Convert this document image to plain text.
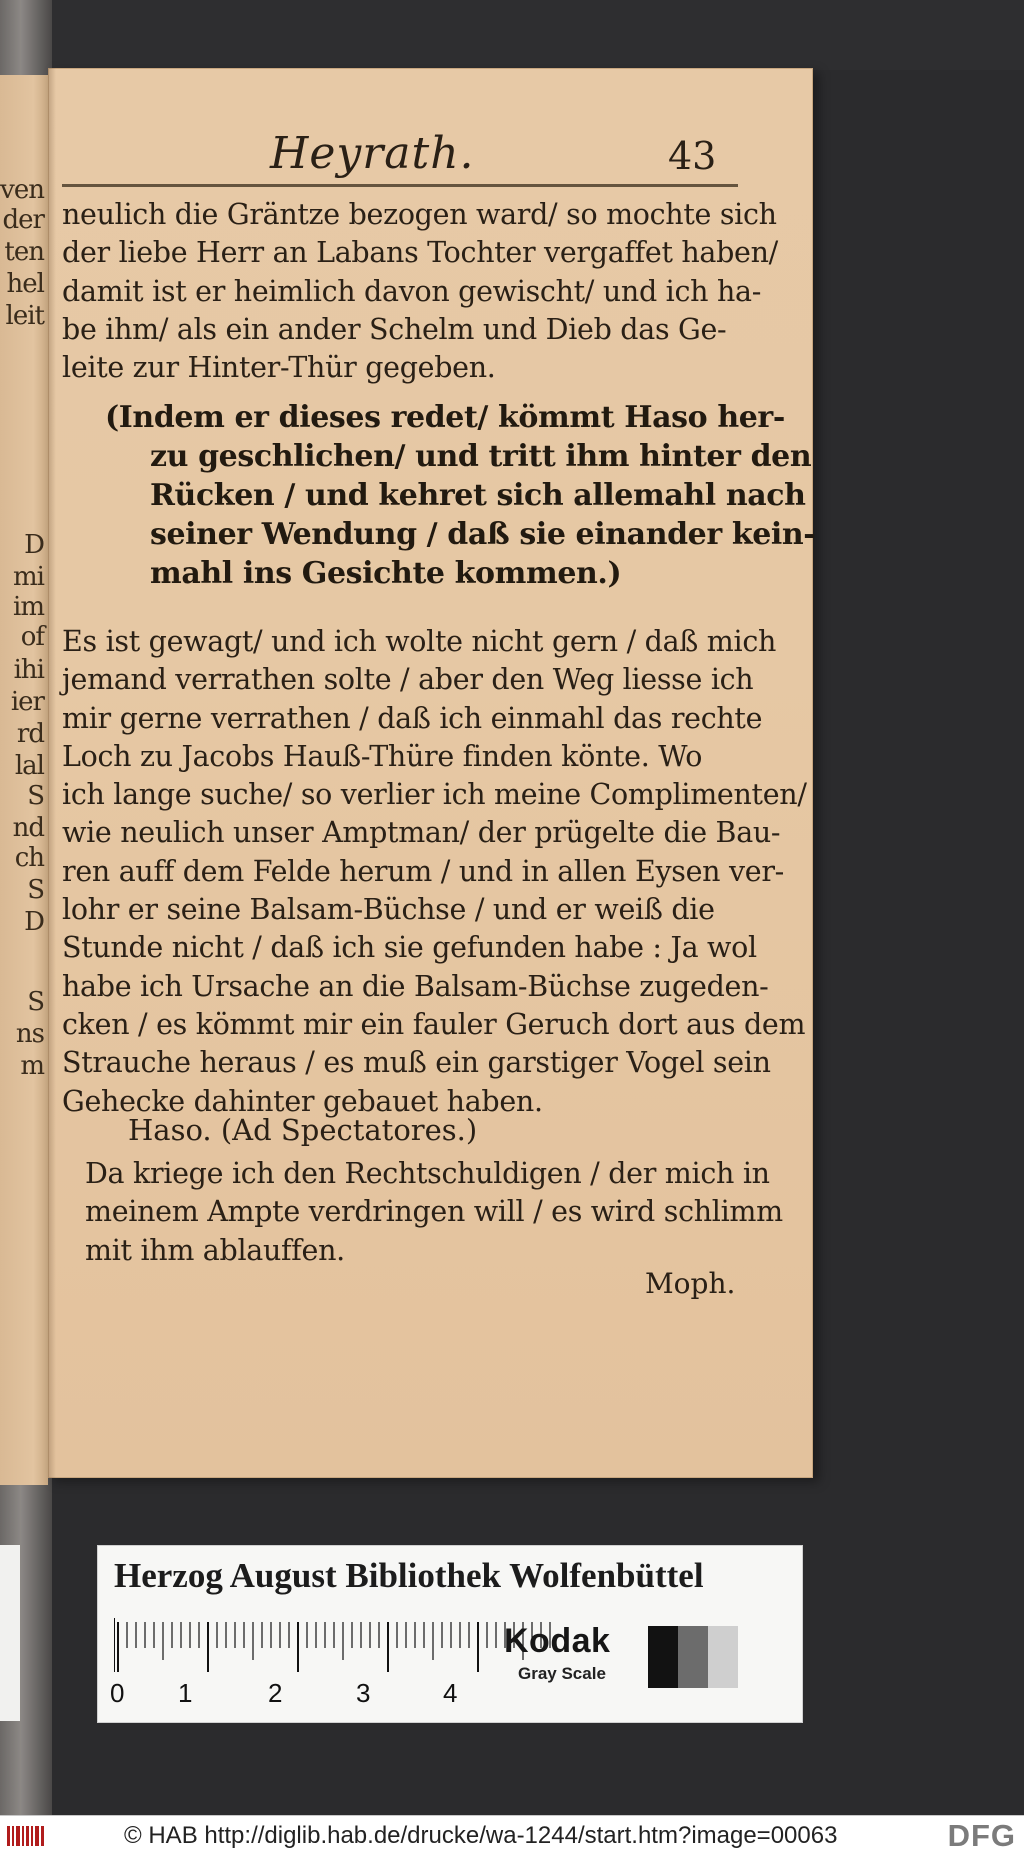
ven
der
ten
hel
leit
D
mi
im
of
ihi
ier
rd
lal
S
nd
ch
S
D
S
ns
m
Heyrath.	43
neulich die Gräntze bezogen ward/ so mochte sich
der liebe Herr an Labans Tochter vergaffet haben/
damit ist er heimlich davon gewischt/ und ich ha-
be ihm/ als ein ander Schelm und Dieb das Ge-
leite zur Hinter-Thür gegeben.
(Indem er dieses redet/ kömmt Haso her-
zu geschlichen/ und tritt ihm hinter den
Rücken / und kehret sich allemahl nach
seiner Wendung / daß sie einander kein-
mahl ins Gesichte kommen.)
Es ist gewagt/ und ich wolte nicht gern / daß mich
jemand verrathen solte / aber den Weg liesse ich
mir gerne verrathen / daß ich einmahl das rechte
Loch zu Jacobs Hauß-Thüre finden könte. Wo
ich lange suche/ so verlier ich meine Complimenten/
wie neulich unser Amptman/ der prügelte die Bau-
ren auff dem Felde herum / und in allen Eysen ver-
lohr er seine Balsam-Büchse / und er weiß die
Stunde nicht / daß ich sie gefunden habe : Ja wol
habe ich Ursache an die Balsam-Büchse zugeden-
cken / es kömmt mir ein fauler Geruch dort aus dem
Strauche heraus / es muß ein garstiger Vogel sein
Gehecke dahinter gebauet haben.
Haso. (Ad Spectatores.)
Da kriege ich den Rechtschuldigen / der mich in
meinem Ampte verdringen will / es wird schlimm
mit ihm ablauffen.
Moph.
Herzog August Bibliothek Wolfenbüttel
0 1	2	3	4
Kodak
Gray Scale
© HAB http://diglib.hab.de/drucke/wa-1244/start.htm?image=00063	DFG
